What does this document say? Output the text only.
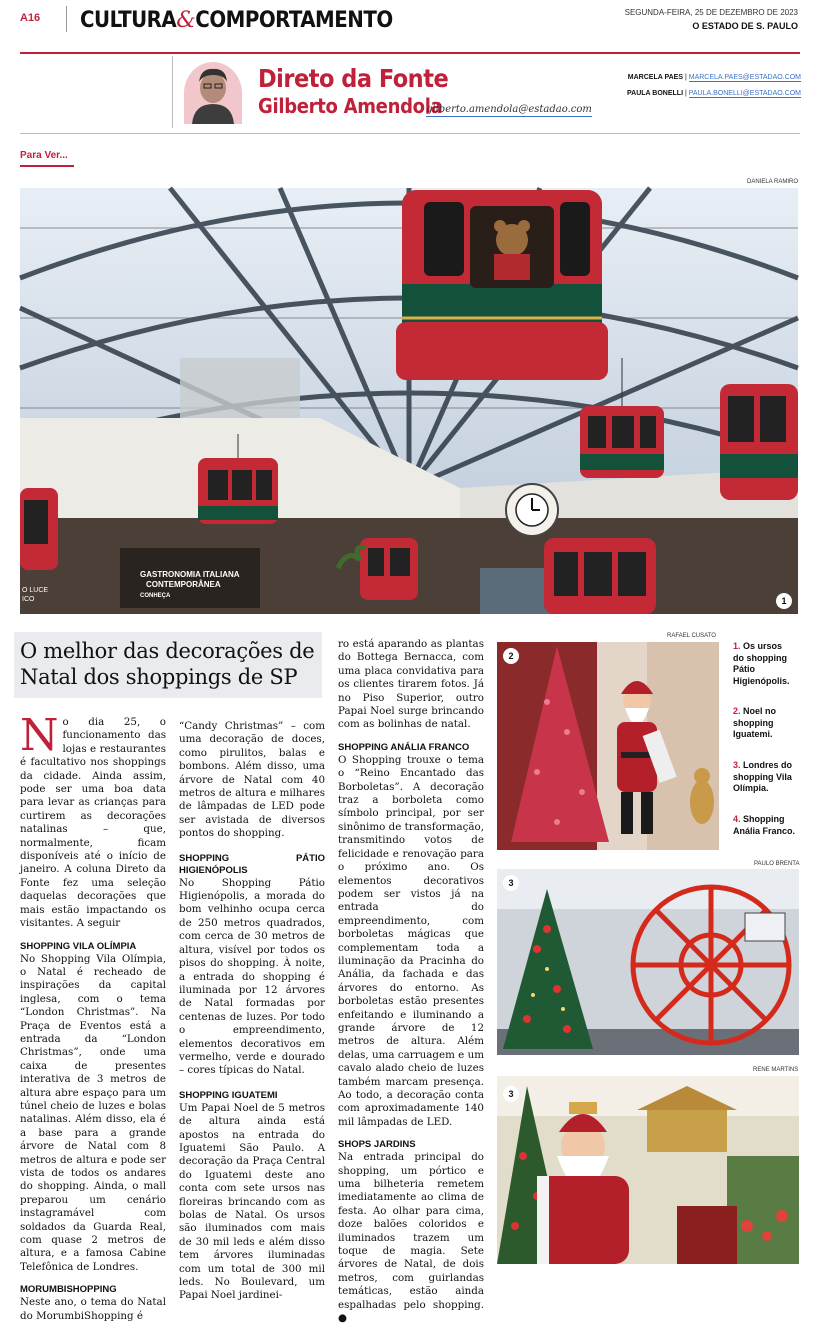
A16 CULTURA&COMPORTAMENTO	SEGUNDA-FEIRA, 25 DE DEZEMBRO DE 2023
O ESTADO DE S. PAULO
Direto da Fonte
Gilberto Amendola
gilberto.amendola@estadao.com
MARCELA PAES | MARCELA.PAES@ESTADAO.COM
PAULA BONELLI | PAULA.BONELLI@ESTADAO.COM
Para Ver...
DANIELA RAMIRO
GASTRONOMIA ITALIANA
CONTEMPORÂNEA
CONHEÇA
O LUCE
ICO	1
O melhor das decorações de Natal dos shoppings de SP

No dia 25, o funcionamento das lojas e restaurantes é facultativo nos shoppings da cidade. Ainda assim, pode ser uma boa data para levar as crianças para curtirem as decorações natalinas – que, normalmente, ficam disponíveis até o início de janeiro. A coluna Direto da Fonte fez uma seleção daquelas decorações que mais estão impactando os visitantes. A seguir

SHOPPING VILA OLÍMPIA

No Shopping Vila Olímpia, o Natal é recheado de inspirações da capital inglesa, com o tema “London Christmas”. Na Praça de Eventos está a entrada da “London Christmas”, onde uma caixa de presentes interativa de 3 metros de altura abre espaço para um túnel cheio de luzes e bolas natalinas. Além disso, ela é a base para a grande árvore de Natal com 8 metros de altura e pode ser vista de todos os andares do shopping. Ainda, o mall preparou um cenário instagramável com soldados da Guarda Real, com quase 2 metros de altura, e a famosa Cabine Telefônica de Londres.

MORUMBISHOPPING

Neste ano, o tema do Natal do MorumbiShopping é

“Candy Christmas” – com uma decoração de doces, como pirulitos, balas e bombons. Além disso, uma árvore de Natal com 40 metros de altura e milhares de lâmpadas de LED pode ser avistada de diversos pontos do shopping.

SHOPPING PÁTIO HIGIENÓPOLIS

No Shopping Pátio Higienópolis, a morada do bom velhinho ocupa cerca de 250 metros quadrados, com cerca de 30 metros de altura, visível por todos os pisos do shopping. À noite, a entrada do shopping é iluminada por 12 árvores de Natal formadas por centenas de luzes. Por todo o empreendimento, elementos decorativos em vermelho, verde e dourado – cores típicas do Natal.

SHOPPING IGUATEMI

Um Papai Noel de 5 metros de altura ainda está apostos na entrada do Iguatemi São Paulo. A decoração da Praça Central do Iguatemi deste ano conta com sete ursos nas floreiras brincando com as bolas de Natal. Os ursos são iluminados com mais de 30 mil leds e além disso tem árvores iluminadas com um total de 300 mil leds. No Boulevard, um Papai Noel jardinei-

ro está aparando as plantas do Bottega Bernacca, com uma placa convidativa para os clientes tirarem fotos. Já no Piso Superior, outro Papai Noel surge brincando com as bolinhas de natal.

SHOPPING ANÁLIA FRANCO

O Shopping trouxe o tema o “Reino Encantado das Borboletas”. A decoração traz a borboleta como símbolo principal, por ser sinônimo de transformação, transmitindo votos de felicidade e renovação para o próximo ano. Os elementos decorativos podem ser vistos já na entrada do empreendimento, com borboletas mágicas que complementam toda a iluminação da Pracinha do Anália, da fachada e das árvores do entorno. As borboletas estão presentes enfeitando e iluminando a grande árvore de 12 metros de altura. Além delas, uma carruagem e um cavalo alado cheio de luzes também marcam presença. Ao todo, a decoração conta com aproximadamente 140 mil lâmpadas de LED.

SHOPS JARDINS

Na entrada principal do shopping, um pórtico e uma bilheteria remetem imediatamente ao clima de festa. Ao olhar para cima, doze balões coloridos e iluminados trazem um toque de magia. Sete árvores de Natal, de dois metros, com guirlandas temáticas, estão ainda espalhadas pelo shopping. ●

RAFAEL CUSATO
2
PAULO BRENTA
3
RENE MARTINS
3
1. Os ursos do shopping Pátio Higienópolis.
2. Noel no shopping Iguatemi.
3. Londres do shopping Vila Olímpia.
4. Shopping Anália Franco.
